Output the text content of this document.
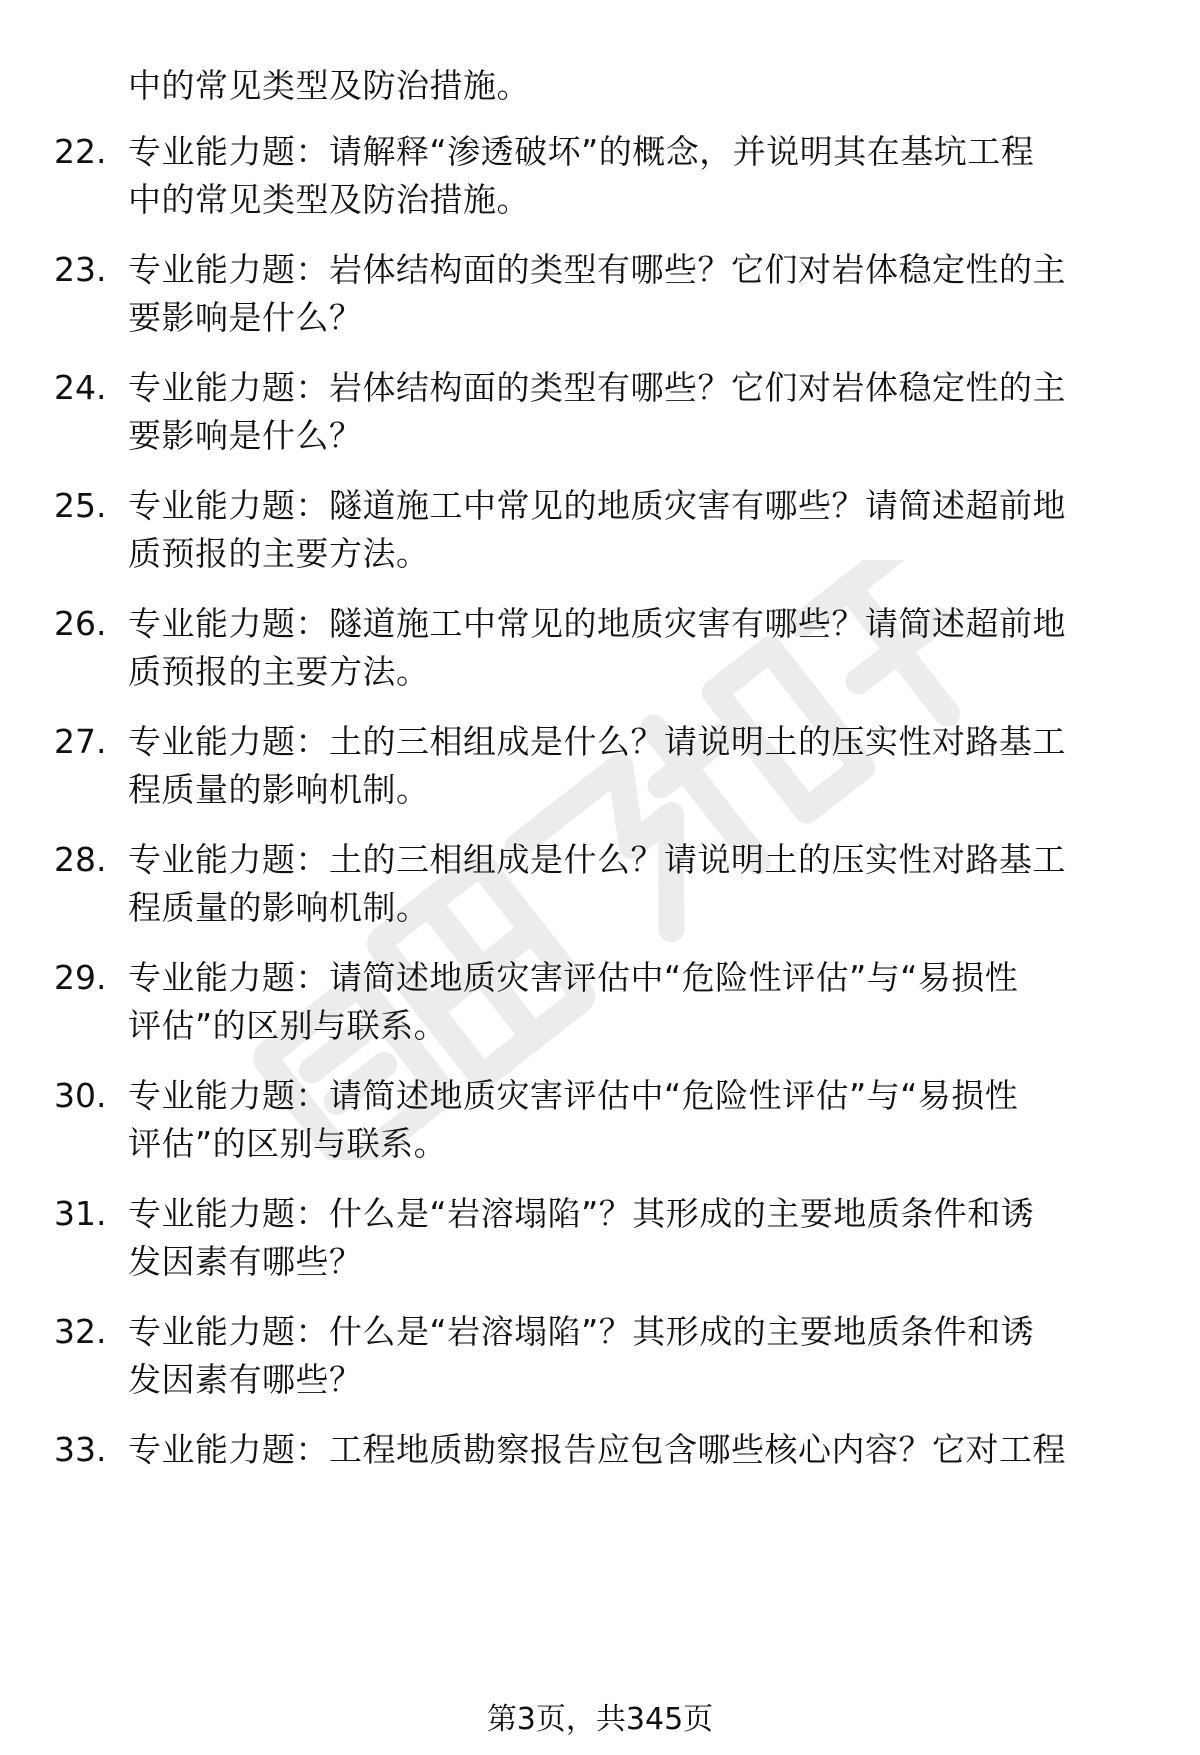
中的常见类型及防治措施。
22. 专业能力题：请解释“渗透破坏”的概念，并说明其在基坑工程
中的常见类型及防治措施。
23. 专业能力题：岩体结构面的类型有哪些？它们对岩体稳定性的主
要影响是什么？
24. 专业能力题：岩体结构面的类型有哪些？它们对岩体稳定性的主
要影响是什么？
25. 专业能力题：隧道施工中常见的地质灾害有哪些？请简述超前地
质预报的主要方法。
26. 专业能力题：隧道施工中常见的地质灾害有哪些？请简述超前地
质预报的主要方法。
27. 专业能力题：土的三相组成是什么？请说明土的压实性对路基工
程质量的影响机制。
28. 专业能力题：土的三相组成是什么？请说明土的压实性对路基工
程质量的影响机制。
29. 专业能力题：请简述地质灾害评估中“危险性评估”与“易损性
评估”的区别与联系。
30. 专业能力题：请简述地质灾害评估中“危险性评估”与“易损性
评估”的区别与联系。
31. 专业能力题：什么是“岩溶塌陷”？其形成的主要地质条件和诱
发因素有哪些？
32. 专业能力题：什么是“岩溶塌陷”？其形成的主要地质条件和诱
发因素有哪些？
33. 专业能力题：工程地质勘察报告应包含哪些核心内容？它对工程
第3页，共345页
